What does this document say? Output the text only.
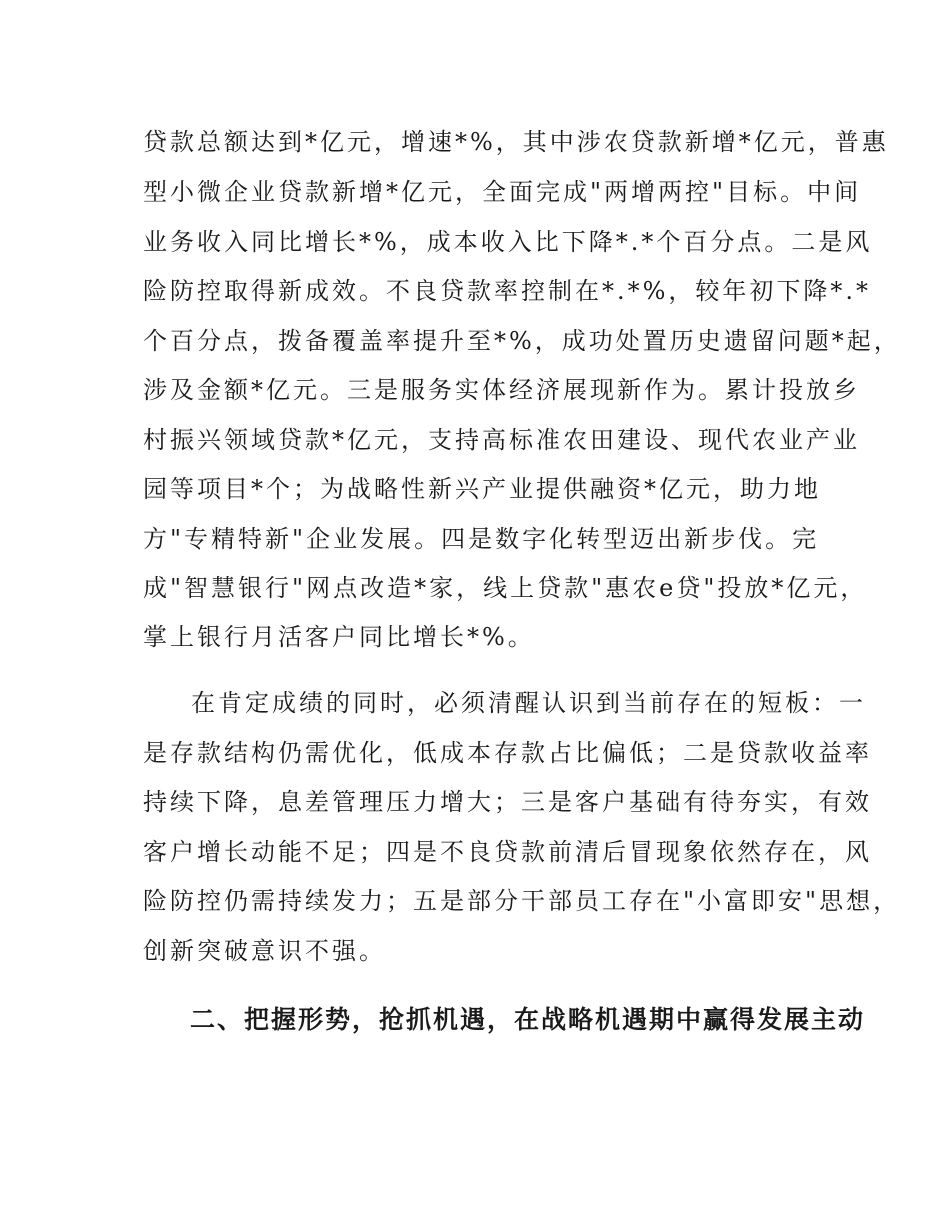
贷款总额达到*亿元，增速*%，其中涉农贷款新增*亿元，普惠
型小微企业贷款新增*亿元，全面完成"两增两控"目标。中间
业务收入同比增长*%，成本收入比下降*.*个百分点。二是风
险防控取得新成效。不良贷款率控制在*.*%，较年初下降*.*
个百分点，拨备覆盖率提升至*%，成功处置历史遗留问题*起，
涉及金额*亿元。三是服务实体经济展现新作为。累计投放乡
村振兴领域贷款*亿元，支持高标准农田建设、现代农业产业
园等项目*个；为战略性新兴产业提供融资*亿元，助力地
方"专精特新"企业发展。四是数字化转型迈出新步伐。完
成"智慧银行"网点改造*家，线上贷款"惠农e贷"投放*亿元，
掌上银行月活客户同比增长*%。
在肯定成绩的同时，必须清醒认识到当前存在的短板：一
是存款结构仍需优化，低成本存款占比偏低；二是贷款收益率
持续下降，息差管理压力增大；三是客户基础有待夯实，有效
客户增长动能不足；四是不良贷款前清后冒现象依然存在，风
险防控仍需持续发力；五是部分干部员工存在"小富即安"思想，
创新突破意识不强。
二、把握形势，抢抓机遇，在战略机遇期中赢得发展主动
